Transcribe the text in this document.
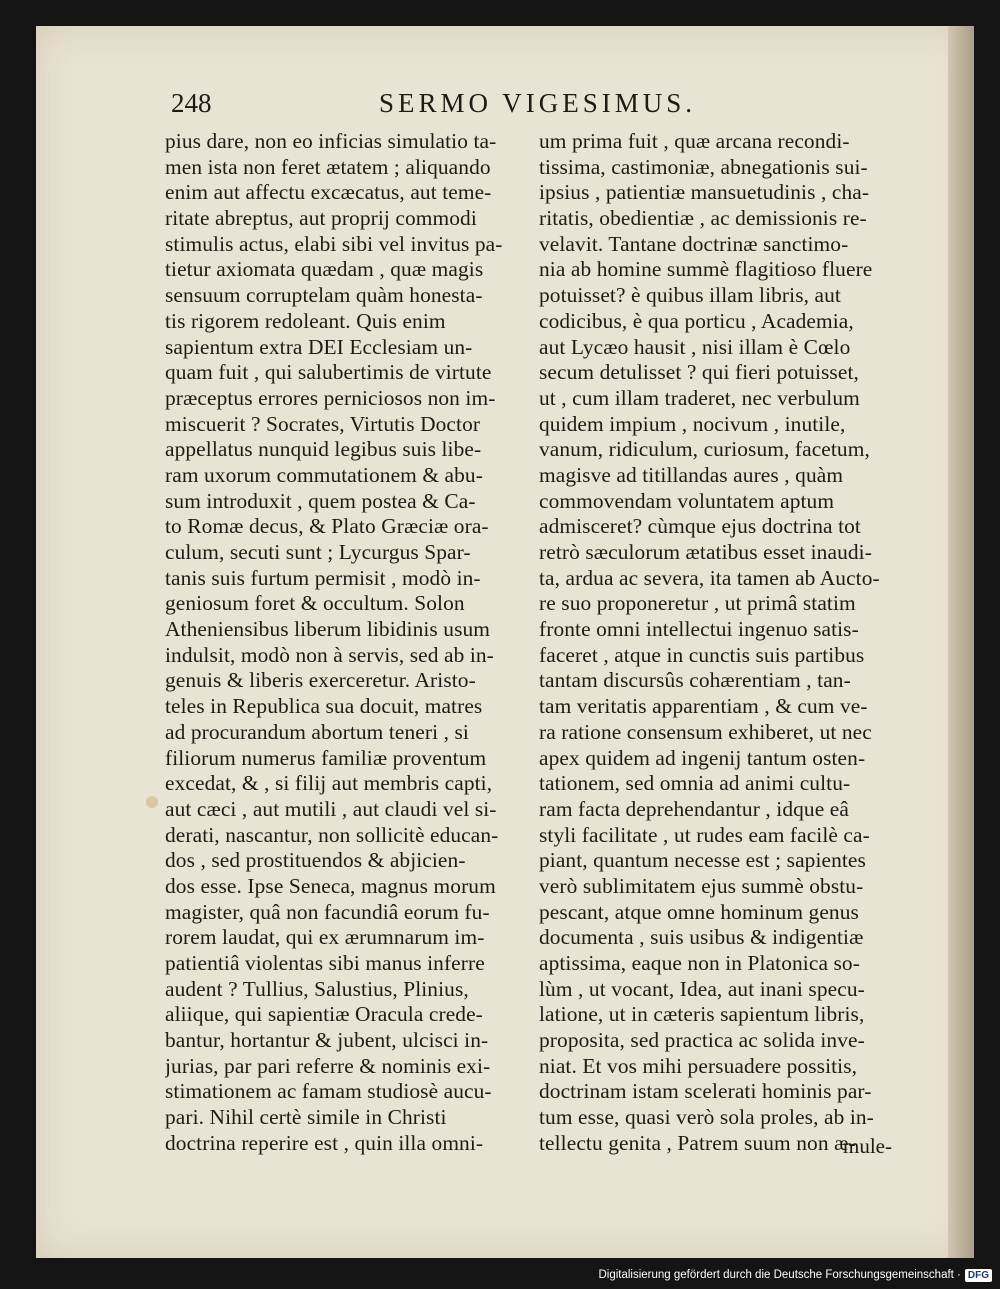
248	SERMO VIGESIMUS.
pius dare, non eo inficias simulatio ta-
men ista non feret ætatem ; aliquando
enim aut affectu excæcatus, aut teme-
ritate abreptus, aut proprij commodi
stimulis actus, elabi sibi vel invitus pa-
tietur axiomata quædam , quæ magis
sensuum corruptelam quàm honesta-
tis rigorem redoleant. Quis enim
sapientum extra DEI Ecclesiam un-
quam fuit , qui salubertimis de virtute
præceptus errores perniciosos non im-
miscuerit ? Socrates, Virtutis Doctor
appellatus nunquid legibus suis libe-
ram uxorum commutationem & abu-
sum introduxit , quem postea & Ca-
to Romæ decus, & Plato Græciæ ora-
culum, secuti sunt ; Lycurgus Spar-
tanis suis furtum permisit , modò in-
geniosum foret & occultum. Solon
Atheniensibus liberum libidinis usum
indulsit, modò non à servis, sed ab in-
genuis & liberis exerceretur. Aristo-
teles in Republica sua docuit, matres
ad procurandum abortum teneri , si
filiorum numerus familiæ proventum
excedat, & , si filij aut membris capti,
aut cæci , aut mutili , aut claudi vel si-
derati, nascantur, non sollicitè educan-
dos , sed prostituendos & abjicien-
dos esse. Ipse Seneca, magnus morum
magister, quâ non facundiâ eorum fu-
rorem laudat, qui ex ærumnarum im-
patientiâ violentas sibi manus inferre
audent ? Tullius, Salustius, Plinius,
aliique, qui sapientiæ Oracula crede-
bantur, hortantur & jubent, ulcisci in-
jurias, par pari referre & nominis exi-
stimationem ac famam studiosè aucu-
pari. Nihil certè simile in Christi
doctrina reperire est , quin illa omni-
um prima fuit , quæ arcana recondi-
tissima, castimoniæ, abnegationis sui-
ipsius , patientiæ mansuetudinis , cha-
ritatis, obedientiæ , ac demissionis re-
velavit. Tantane doctrinæ sanctimo-
nia ab homine summè flagitioso fluere
potuisset? è quibus illam libris, aut
codicibus, è qua porticu , Academia,
aut Lycæo hausit , nisi illam è Cœlo
secum detulisset ? qui fieri potuisset,
ut , cum illam traderet, nec verbulum
quidem impium , nocivum , inutile,
vanum, ridiculum, curiosum, facetum,
magisve ad titillandas aures , quàm
commovendam voluntatem aptum
admisceret? cùmque ejus doctrina tot
retrò sæculorum ætatibus esset inaudi-
ta, ardua ac severa, ita tamen ab Aucto-
re suo proponeretur , ut primâ statim
fronte omni intellectui ingenuo satis-
faceret , atque in cunctis suis partibus
tantam discursûs cohærentiam , tan-
tam veritatis apparentiam , & cum ve-
ra ratione consensum exhiberet, ut nec
apex quidem ad ingenij tantum osten-
tationem, sed omnia ad animi cultu-
ram facta deprehendantur , idque eâ
styli facilitate , ut rudes eam facilè ca-
piant, quantum necesse est ; sapientes
verò sublimitatem ejus summè obstu-
pescant, atque omne hominum genus
documenta , suis usibus & indigentiæ
aptissima, eaque non in Platonica so-
lùm , ut vocant, Idea, aut inani specu-
latione, ut in cæteris sapientum libris,
proposita, sed practica ac solida inve-
niat. Et vos mihi persuadere possitis,
doctrinam istam scelerati hominis par-
tum esse, quasi verò sola proles, ab in-
tellectu genita , Patrem suum non æ-
mule-
Digitalisierung gefördert durch die Deutsche Forschungsgemeinschaft · DFG
